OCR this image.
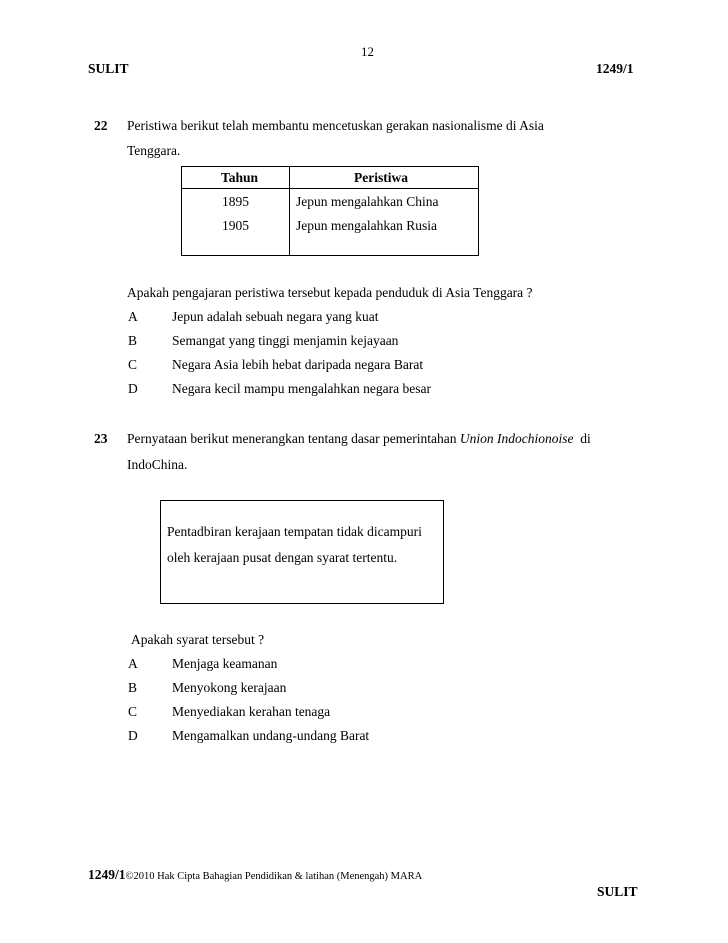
12
SULIT	1249/1
22 Peristiwa berikut telah membantu mencetuskan gerakan nasionalisme di Asia
Tenggara.
Tahun	Peristiwa
1895	Jepun mengalahkan China
1905	Jepun mengalahkan Rusia
Apakah pengajaran peristiwa tersebut kepada penduduk di Asia Tenggara ?
A	Jepun adalah sebuah negara yang kuat
B	Semangat yang tinggi menjamin kejayaan
C	Negara Asia lebih hebat daripada negara Barat
D	Negara kecil mampu mengalahkan negara besar
23 Pernyataan berikut menerangkan tentang dasar pemerintahan Union Indochionoise di
IndoChina.
Pentadbiran kerajaan tempatan tidak dicampuri
oleh kerajaan pusat dengan syarat tertentu.
Apakah syarat tersebut ?
A	Menjaga keamanan
B	Menyokong kerajaan
C	Menyediakan kerahan tenaga
D	Mengamalkan undang-undang Barat
1249/1©2010 Hak Cipta Bahagian Pendidikan & latihan (Menengah) MARA
SULIT
